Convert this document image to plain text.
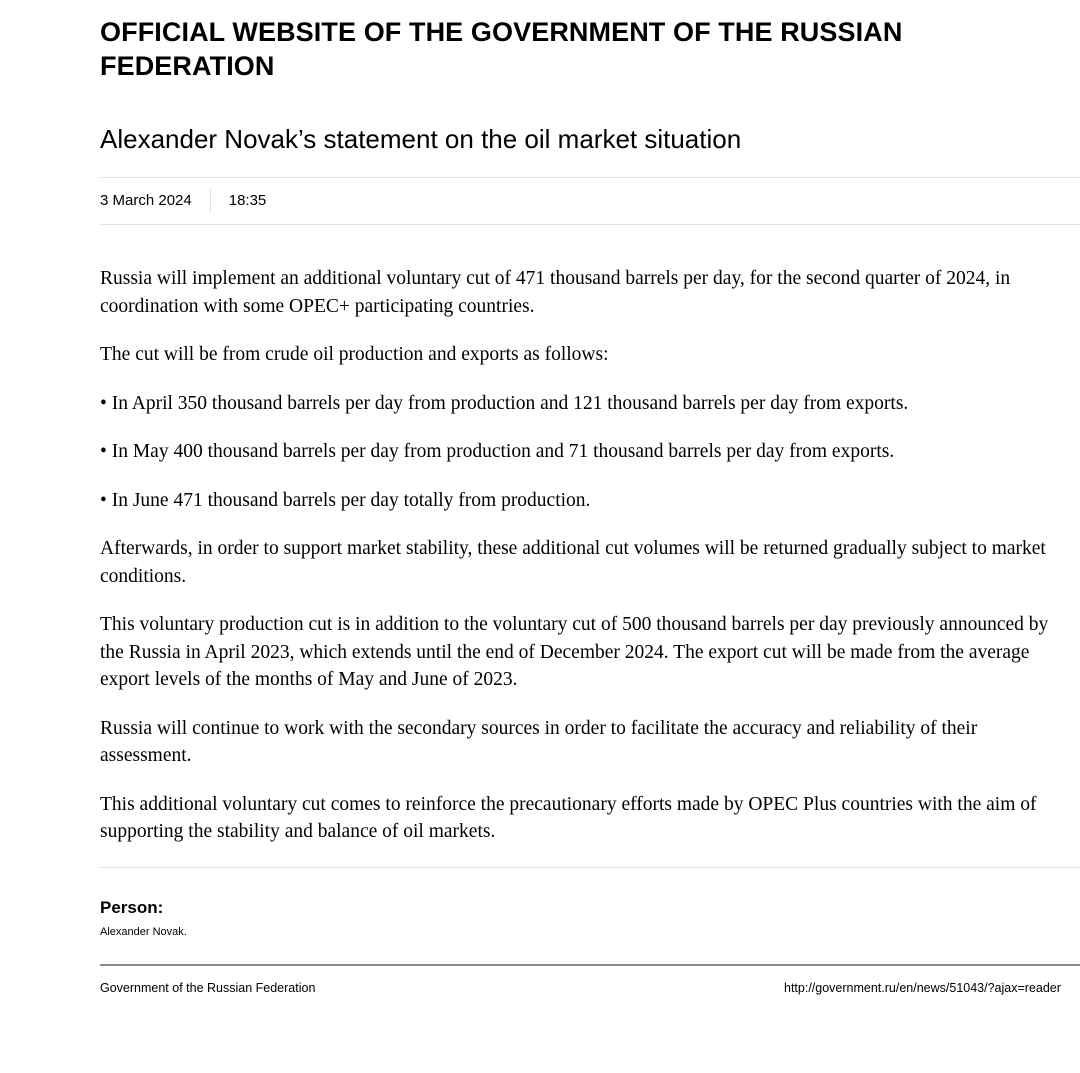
OFFICIAL WEBSITE OF THE GOVERNMENT OF THE RUSSIAN FEDERATION
Alexander Novak’s statement on the oil market situation
3 March 2024	18:35

Russia will implement an additional voluntary cut of 471 thousand barrels per day, for the second quarter of 2024, in coordination with some OPEC+ participating countries.

The cut will be from crude oil production and exports as follows:

• In April 350 thousand barrels per day from production and 121 thousand barrels per day from exports.

• In May 400 thousand barrels per day from production and 71 thousand barrels per day from exports.

• In June 471 thousand barrels per day totally from production.

Afterwards, in order to support market stability, these additional cut volumes will be returned gradually subject to market conditions.

This voluntary production cut is in addition to the voluntary cut of 500 thousand barrels per day previously announced by the Russia in April 2023, which extends until the end of December 2024. The export cut will be made from the average export levels of the months of May and June of 2023.

Russia will continue to work with the secondary sources in order to facilitate the accuracy and reliability of their assessment.

This additional voluntary cut comes to reinforce the precautionary efforts made by OPEC Plus countries with the aim of supporting the stability and balance of oil markets.

Person:
Alexander Novak.
Government of the Russian Federation	http://government.ru/en/news/51043/?ajax=reader
